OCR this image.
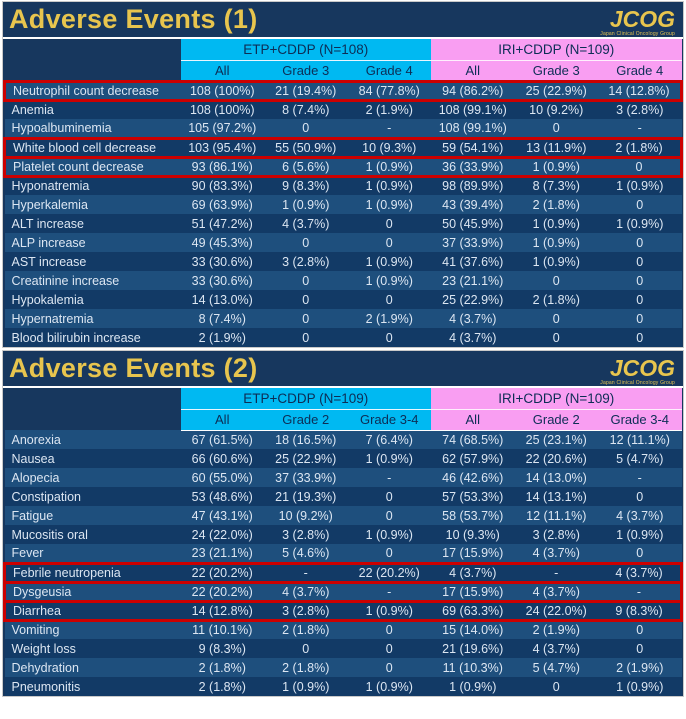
Adverse Events (1)	JCOG
Japan Clinical Oncology Group
	ETP+CDDP (N=108)			IRI+CDDP (N=109)		
	All	Grade 3	Grade 4	All	Grade 3	Grade 4
Neutrophil count decrease	108 (100%)	21 (19.4%)	84 (77.8%)	94 (86.2%)	25 (22.9%)	14 (12.8%)
Anemia	108 (100%)	8 (7.4%)	2 (1.9%)	108 (99.1%)	10 (9.2%)	3 (2.8%)
Hypoalbuminemia	105 (97.2%)	0	-	108 (99.1%)	0	-
White blood cell decrease	103 (95.4%)	55 (50.9%)	10 (9.3%)	59 (54.1%)	13 (11.9%)	2 (1.8%)
Platelet count decrease	93 (86.1%)	6 (5.6%)	1 (0.9%)	36 (33.9%)	1 (0.9%)	0
Hyponatremia	90 (83.3%)	9 (8.3%)	1 (0.9%)	98 (89.9%)	8 (7.3%)	1 (0.9%)
Hyperkalemia	69 (63.9%)	1 (0.9%)	1 (0.9%)	43 (39.4%)	2 (1.8%)	0
ALT increase	51 (47.2%)	4 (3.7%)	0	50 (45.9%)	1 (0.9%)	1 (0.9%)
ALP increase	49 (45.3%)	0	0	37 (33.9%)	1 (0.9%)	0
AST increase	33 (30.6%)	3 (2.8%)	1 (0.9%)	41 (37.6%)	1 (0.9%)	0
Creatinine increase	33 (30.6%)	0	1 (0.9%)	23 (21.1%)	0	0
Hypokalemia	14 (13.0%)	0	0	25 (22.9%)	2 (1.8%)	0
Hypernatremia	8 (7.4%)	0	2 (1.9%)	4 (3.7%)	0	0
Blood bilirubin increase	2 (1.9%)	0	0	4 (3.7%)	0	0
Adverse Events (2)	JCOG
Japan Clinical Oncology Group
	ETP+CDDP (N=109)			IRI+CDDP (N=109)		
	All	Grade 2	Grade 3-4	All	Grade 2	Grade 3-4
Anorexia	67 (61.5%)	18 (16.5%)	7 (6.4%)	74 (68.5%)	25 (23.1%)	12 (11.1%)
Nausea	66 (60.6%)	25 (22.9%)	1 (0.9%)	62 (57.9%)	22 (20.6%)	5 (4.7%)
Alopecia	60 (55.0%)	37 (33.9%)	-	46 (42.6%)	14 (13.0%)	-
Constipation	53 (48.6%)	21 (19.3%)	0	57 (53.3%)	14 (13.1%)	0
Fatigue	47 (43.1%)	10 (9.2%)	0	58 (53.7%)	12 (11.1%)	4 (3.7%)
Mucositis oral	24 (22.0%)	3 (2.8%)	1 (0.9%)	10 (9.3%)	3 (2.8%)	1 (0.9%)
Fever	23 (21.1%)	5 (4.6%)	0	17 (15.9%)	4 (3.7%)	0
Febrile neutropenia	22 (20.2%)	-	22 (20.2%)	4 (3.7%)	-	4 (3.7%)
Dysgeusia	22 (20.2%)	4 (3.7%)	-	17 (15.9%)	4 (3.7%)	-
Diarrhea	14 (12.8%)	3 (2.8%)	1 (0.9%)	69 (63.3%)	24 (22.0%)	9 (8.3%)
Vomiting	11 (10.1%)	2 (1.8%)	0	15 (14.0%)	2 (1.9%)	0
Weight loss	9 (8.3%)	0	0	21 (19.6%)	4 (3.7%)	0
Dehydration	2 (1.8%)	2 (1.8%)	0	11 (10.3%)	5 (4.7%)	2 (1.9%)
Pneumonitis	2 (1.8%)	1 (0.9%)	1 (0.9%)	1 (0.9%)	0	1 (0.9%)
